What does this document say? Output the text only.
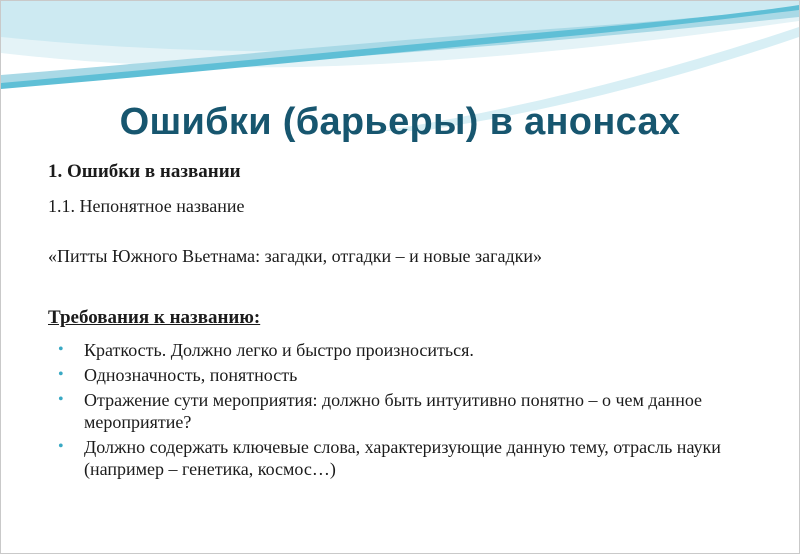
Ошибки (барьеры) в анонсах

1. Ошибки в названии

1.1. Непонятное название

«Питты Южного Вьетнама: загадки, отгадки – и новые загадки»

Требования к названию:

• Краткость. Должно легко и быстро произноситься.
• Однозначность, понятность
• Отражение сути мероприятия: должно быть интуитивно понятно – о чем данное мероприятие?
• Должно содержать ключевые слова, характеризующие данную тему, отрасль науки (например – генетика, космос…)
